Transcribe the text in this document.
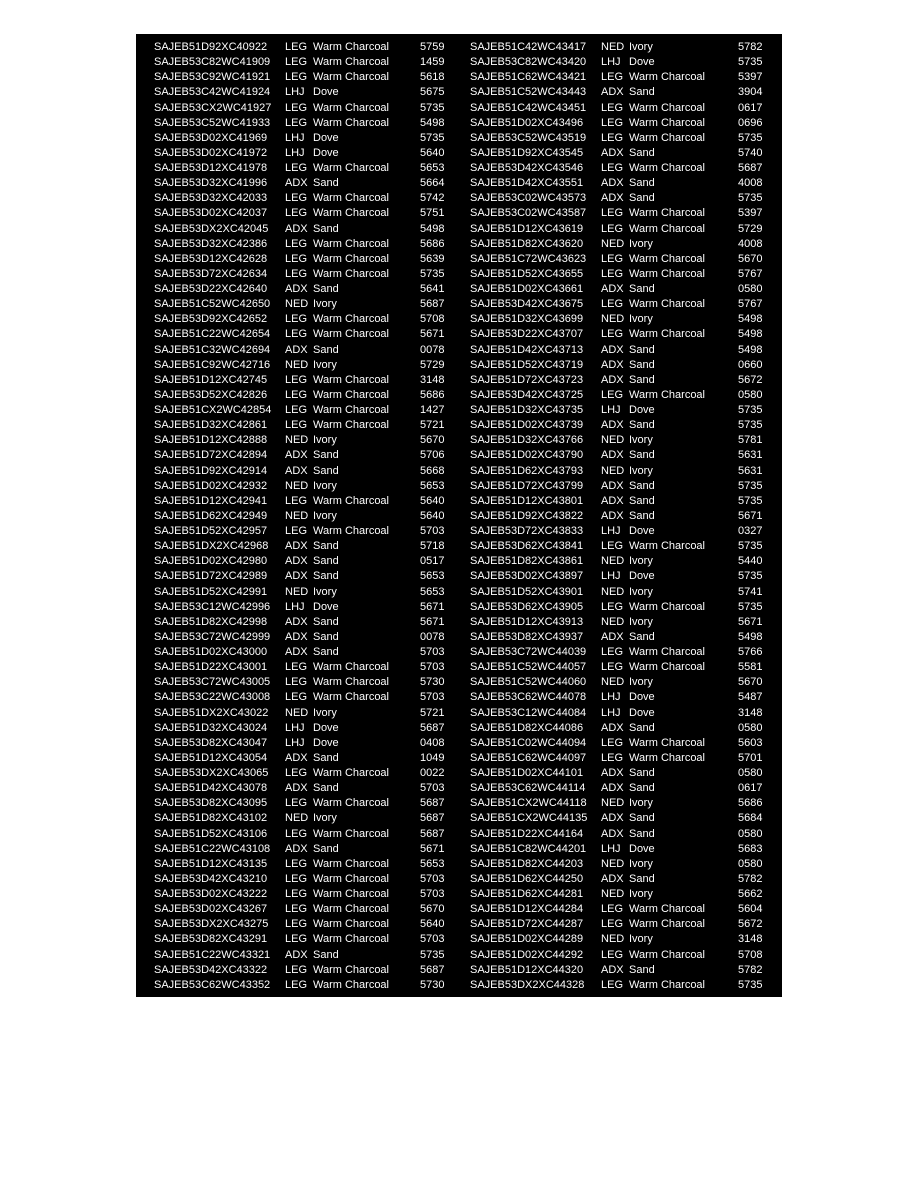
SAJEB51D92XC40922 LEG Warm Charcoal	5759
SAJEB53C82WC41909 LEG Warm Charcoal	1459
SAJEB53C92WC41921 LEG Warm Charcoal	5618
SAJEB53C42WC41924 LHJ Dove	5675
SAJEB53CX2WC41927 LEG Warm Charcoal	5735
SAJEB53C52WC41933 LEG Warm Charcoal	5498
SAJEB53D02XC41969 LHJ Dove	5735
SAJEB53D02XC41972 LHJ Dove	5640
SAJEB53D12XC41978 LEG Warm Charcoal	5653
SAJEB53D32XC41996 ADX Sand	5664
SAJEB53D32XC42033 LEG Warm Charcoal	5742
SAJEB53D02XC42037 LEG Warm Charcoal	5751
SAJEB53DX2XC42045 ADX Sand	5498
SAJEB53D32XC42386 LEG Warm Charcoal	5686
SAJEB53D12XC42628 LEG Warm Charcoal	5639
SAJEB53D72XC42634 LEG Warm Charcoal	5735
SAJEB53D22XC42640 ADX Sand	5641
SAJEB51C52WC42650 NED Ivory	5687
SAJEB53D92XC42652 LEG Warm Charcoal	5708
SAJEB51C22WC42654 LEG Warm Charcoal	5671
SAJEB51C32WC42694 ADX Sand	0078
SAJEB51C92WC42716 NED Ivory	5729
SAJEB51D12XC42745 LEG Warm Charcoal	3148
SAJEB53D52XC42826 LEG Warm Charcoal	5686
SAJEB51CX2WC42854 LEG Warm Charcoal	1427
SAJEB51D32XC42861 LEG Warm Charcoal	5721
SAJEB51D12XC42888 NED Ivory	5670
SAJEB51D72XC42894 ADX Sand	5706
SAJEB51D92XC42914 ADX Sand	5668
SAJEB51D02XC42932 NED Ivory	5653
SAJEB51D12XC42941 LEG Warm Charcoal	5640
SAJEB51D62XC42949 NED Ivory	5640
SAJEB51D52XC42957 LEG Warm Charcoal	5703
SAJEB51DX2XC42968 ADX Sand	5718
SAJEB51D02XC42980 ADX Sand	0517
SAJEB51D72XC42989 ADX Sand	5653
SAJEB51D52XC42991 NED Ivory	5653
SAJEB53C12WC42996 LHJ Dove	5671
SAJEB51D82XC42998 ADX Sand	5671
SAJEB53C72WC42999 ADX Sand	0078
SAJEB51D02XC43000 ADX Sand	5703
SAJEB51D22XC43001 LEG Warm Charcoal	5703
SAJEB53C72WC43005 LEG Warm Charcoal	5730
SAJEB53C22WC43008 LEG Warm Charcoal	5703
SAJEB51DX2XC43022 NED Ivory	5721
SAJEB51D32XC43024 LHJ Dove	5687
SAJEB53D82XC43047 LHJ Dove	0408
SAJEB51D12XC43054 ADX Sand	1049
SAJEB53DX2XC43065 LEG Warm Charcoal	0022
SAJEB51D42XC43078 ADX Sand	5703
SAJEB53D82XC43095 LEG Warm Charcoal	5687
SAJEB51D82XC43102 NED Ivory	5687
SAJEB51D52XC43106 LEG Warm Charcoal	5687
SAJEB51C22WC43108 ADX Sand	5671
SAJEB51D12XC43135 LEG Warm Charcoal	5653
SAJEB53D42XC43210 LEG Warm Charcoal	5703
SAJEB53D02XC43222 LEG Warm Charcoal	5703
SAJEB53D02XC43267 LEG Warm Charcoal	5670
SAJEB53DX2XC43275 LEG Warm Charcoal	5640
SAJEB53D82XC43291 LEG Warm Charcoal	5703
SAJEB51C22WC43321 ADX Sand	5735
SAJEB53D42XC43322 LEG Warm Charcoal	5687
SAJEB53C62WC43352 LEG Warm Charcoal	5730
SAJEB51C42WC43417 NED Ivory	5782
SAJEB53C82WC43420 LHJ Dove	5735
SAJEB51C62WC43421 LEG Warm Charcoal	5397
SAJEB51C52WC43443 ADX Sand	3904
SAJEB51C42WC43451 LEG Warm Charcoal	0617
SAJEB51D02XC43496 LEG Warm Charcoal	0696
SAJEB53C52WC43519 LEG Warm Charcoal	5735
SAJEB51D92XC43545 ADX Sand	5740
SAJEB53D42XC43546 LEG Warm Charcoal	5687
SAJEB51D42XC43551 ADX Sand	4008
SAJEB53C02WC43573 ADX Sand	5735
SAJEB53C02WC43587 LEG Warm Charcoal	5397
SAJEB51D12XC43619 LEG Warm Charcoal	5729
SAJEB51D82XC43620 NED Ivory	4008
SAJEB51C72WC43623 LEG Warm Charcoal	5670
SAJEB51D52XC43655 LEG Warm Charcoal	5767
SAJEB51D02XC43661 ADX Sand	0580
SAJEB53D42XC43675 LEG Warm Charcoal	5767
SAJEB51D32XC43699 NED Ivory	5498
SAJEB53D22XC43707 LEG Warm Charcoal	5498
SAJEB51D42XC43713 ADX Sand	5498
SAJEB51D52XC43719 ADX Sand	0660
SAJEB51D72XC43723 ADX Sand	5672
SAJEB53D42XC43725 LEG Warm Charcoal	0580
SAJEB51D32XC43735 LHJ Dove	5735
SAJEB51D02XC43739 ADX Sand	5735
SAJEB51D32XC43766 NED Ivory	5781
SAJEB51D02XC43790 ADX Sand	5631
SAJEB51D62XC43793 NED Ivory	5631
SAJEB51D72XC43799 ADX Sand	5735
SAJEB51D12XC43801 ADX Sand	5735
SAJEB51D92XC43822 ADX Sand	5671
SAJEB53D72XC43833 LHJ Dove	0327
SAJEB53D62XC43841 LEG Warm Charcoal	5735
SAJEB51D82XC43861 NED Ivory	5440
SAJEB53D02XC43897 LHJ Dove	5735
SAJEB51D52XC43901 NED Ivory	5741
SAJEB53D62XC43905 LEG Warm Charcoal	5735
SAJEB51D12XC43913 NED Ivory	5671
SAJEB53D82XC43937 ADX Sand	5498
SAJEB53C72WC44039 LEG Warm Charcoal	5766
SAJEB51C52WC44057 LEG Warm Charcoal	5581
SAJEB51C52WC44060 NED Ivory	5670
SAJEB53C62WC44078 LHJ Dove	5487
SAJEB53C12WC44084 LHJ Dove	3148
SAJEB51D82XC44086 ADX Sand	0580
SAJEB51C02WC44094 LEG Warm Charcoal	5603
SAJEB51C62WC44097 LEG Warm Charcoal	5701
SAJEB51D02XC44101 ADX Sand	0580
SAJEB53C62WC44114 ADX Sand	0617
SAJEB51CX2WC44118 NED Ivory	5686
SAJEB51CX2WC44135 ADX Sand	5684
SAJEB51D22XC44164 ADX Sand	0580
SAJEB51C82WC44201 LHJ Dove	5683
SAJEB51D82XC44203 NED Ivory	0580
SAJEB51D62XC44250 ADX Sand	5782
SAJEB51D62XC44281 NED Ivory	5662
SAJEB51D12XC44284 LEG Warm Charcoal	5604
SAJEB51D72XC44287 LEG Warm Charcoal	5672
SAJEB51D02XC44289 NED Ivory	3148
SAJEB51D02XC44292 LEG Warm Charcoal	5708
SAJEB51D12XC44320 ADX Sand	5782
SAJEB53DX2XC44328 LEG Warm Charcoal	5735
